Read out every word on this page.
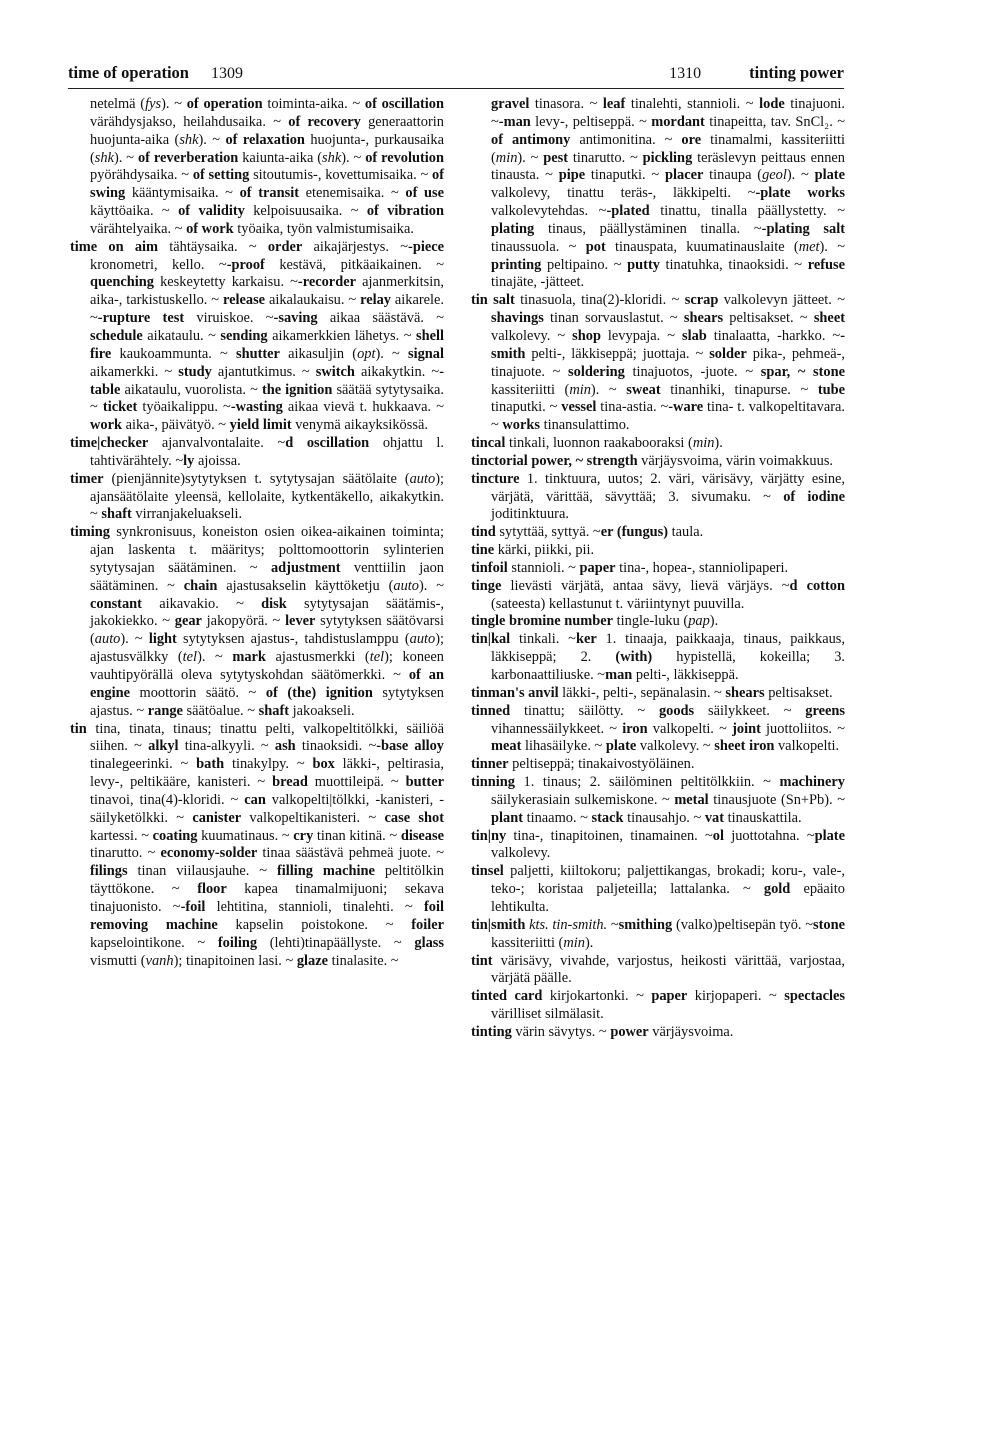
time of operation 1309	1310	tinting power

netelmä (fys). ~ of operation toiminta-aika. ~ of oscillation värähdysjakso, heilahdusaika. ~ of recovery generaattorin huojunta-aika (shk). ~ of relaxation huojunta-, purkausaika (shk). ~ of reverberation kaiunta-aika (shk). ~ of revolution pyörähdysaika. ~ of setting sitoutumis-, kovettumisaika. ~ of swing kääntymisaika. ~ of transit etenemisaika. ~ of use käyttöaika. ~ of validity kelpoisuusaika. ~ of vibration värähtelyaika. ~ of work työaika, työn valmistumisaika.

time on aim tähtäysaika. ~ order aikajärjestys. ~-piece kronometri, kello. ~-proof kestävä, pitkäaikainen. ~ quenching keskeytetty karkaisu. ~-recorder ajanmerkitsin, aika-, tarkistuskello. ~ release aikalaukaisu. ~ relay aikarele. ~-rupture test viruiskoe. ~-saving aikaa säästävä. ~ schedule aikataulu. ~ sending aikamerkkien lähetys. ~ shell fire kaukoammunta. ~ shutter aikasuljin (opt). ~ signal aikamerkki. ~ study ajantutkimus. ~ switch aikakytkin. ~-table aikataulu, vuorolista. ~ the ignition säätää sytytysaika. ~ ticket työaikalippu. ~-wasting aikaa vievä t. hukkaava. ~ work aika-, päivätyö. ~ yield limit venymä aikayksikössä.

time|checker ajanvalvontalaite. ~d oscillation ohjattu l. tahtivärähtely. ~ly ajoissa.

timer (pienjännite)sytytyksen t. sytytysajan säätölaite (auto); ajansäätölaite yleensä, kellolaite, kytkentäkello, aikakytkin. ~ shaft virranjakeluakseli.

timing synkronisuus, koneiston osien oikea-aikainen toiminta; ajan laskenta t. määritys; polttomoottorin sylinterien sytytysajan säätäminen. ~ adjustment venttiilin jaon säätäminen. ~ chain ajastusakselin käyttöketju (auto). ~ constant aikavakio. ~ disk sytytysajan säätämis-, jakokiekko. ~ gear jakopyörä. ~ lever sytytyksen säätövarsi (auto). ~ light sytytyksen ajastus-, tahdistuslamppu (auto); ajastusvälkky (tel). ~ mark ajastusmerkki (tel); koneen vauhtipyörällä oleva sytytyskohdan säätömerkki. ~ of an engine moottorin säätö. ~ of (the) ignition sytytyksen ajastus. ~ range säätöalue. ~ shaft jakoakseli.

tin tina, tinata, tinaus; tinattu pelti, valkopeltitölkki, säiliöä siihen. ~ alkyl tina-alkyyli. ~ ash tinaoksidi. ~-base alloy tinalegeerinki. ~ bath tinakylpy. ~ box läkki-, peltirasia, levy-, peltikääre, kanisteri. ~ bread muottileipä. ~ butter tinavoi, tina(4)-kloridi. ~ can valkopelti|tölkki, -kanisteri, -säilyketölkki. ~ canister valkopeltikanisteri. ~ case shot kartessi. ~ coating kuumatinaus. ~ cry tinan kitinä. ~ disease tinarutto. ~ economy-solder tinaa säästävä pehmeä juote. ~ filings tinan viilausjauhe. ~ filling machine peltitölkin täyttökone. ~ floor kapea tinamalmijuoni; sekava tinajuonisto. ~-foil lehtitina, stannioli, tinalehti. ~ foil removing machine kapselin poistokone. ~ foiler kapselointikone. ~ foiling (lehti)tinapäällyste. ~ glass vismutti (vanh); tinapitoinen lasi. ~ glaze tinalasite. ~

gravel tinasora. ~ leaf tinalehti, stannioli. ~ lode tinajuoni. ~-man levy-, peltiseppä. ~ mordant tinapeitta, tav. SnCl₂. ~ of antimony antimonitina. ~ ore tinamalmi, kassiteriitti (min). ~ pest tinarutto. ~ pickling teräslevyn peittaus ennen tinausta. ~ pipe tinaputki. ~ placer tinaupa (geol). ~ plate valkolevy, tinattu teräs-, läkkipelti. ~-plate works valkolevytehdas. ~-plated tinattu, tinalla päällystetty. ~ plating tinaus, päällystäminen tinalla. ~-plating salt tinaussuola. ~ pot tinauspata, kuumatinauslaite (met). ~ printing peltipaino. ~ putty tinatuhka, tinaoksidi. ~ refuse tinajäte, -jätteet.

tin salt tinasuola, tina(2)-kloridi. ~ scrap valkolevyn jätteet. ~ shavings tinan sorvauslastut. ~ shears peltisakset. ~ sheet valkolevy. ~ shop levypaja. ~ slab tinalaatta, -harkko. ~-smith pelti-, läkkiseppä; juottaja. ~ solder pika-, pehmeä-, tinajuote. ~ soldering tinajuotos, -juote. ~ spar, ~ stone kassiteriitti (min). ~ sweat tinanhiki, tinapurse. ~ tube tinaputki. ~ vessel tina-astia. ~-ware tina- t. valkopeltitavara. ~ works tinansulattimo.

tincal tinkali, luonnon raakabooraksi (min).

tinctorial power, ~ strength värjäysvoima, värin voimakkuus.

tincture 1. tinktuura, uutos; 2. väri, värisävy, värjätty esine, värjätä, värittää, sävyttää; 3. sivumaku. ~ of iodine joditinktuura.

tind sytyttää, syttyä. ~er (fungus) taula.

tine kärki, piikki, pii.

tinfoil stannioli. ~ paper tina-, hopea-, stanniolipaperi.

tinge lievästi värjätä, antaa sävy, lievä värjäys. ~d cotton (sateesta) kellastunut t. väriintynyt puuvilla.

tingle bromine number tingle-luku (pap).

tin|kal tinkali. ~ker 1. tinaaja, paikkaaja, tinaus, paikkaus, läkkiseppä; 2. (with) hypistellä, kokeilla; 3. karbonaattiliuske. ~man pelti-, läkkiseppä.

tinman's anvil läkki-, pelti-, sepänalasin. ~ shears peltisakset.

tinned tinattu; säilötty. ~ goods säilykkeet. ~ greens vihannessäilykkeet. ~ iron valkopelti. ~ joint juottoliitos. ~ meat lihasäilyke. ~ plate valkolevy. ~ sheet iron valkopelti.

tinner peltiseppä; tinakaivostyöläinen.

tinning 1. tinaus; 2. säilöminen peltitölkkiin. ~ machinery säilykerasiain sulkemiskone. ~ metal tinausjuote (Sn+Pb). ~ plant tinaamo. ~ stack tinausahjo. ~ vat tinauskattila.

tin|ny tina-, tinapitoinen, tinamainen. ~ol juottotahna. ~plate valkolevy.

tinsel paljetti, kiiltokoru; paljettikangas, brokadi; koru-, vale-, teko-; koristaa paljeteilla; lattalanka. ~ gold epäaito lehtikulta.

tin|smith kts. tin-smith. ~smithing (valko)peltisepän työ. ~stone kassiteriitti (min).

tint värisävy, vivahde, varjostus, heikosti värittää, varjostaa, värjätä päälle.

tinted card kirjokartonki. ~ paper kirjopaperi. ~ spectacles värilliset silmälasit.

tinting värin sävytys. ~ power värjäysvoima.
